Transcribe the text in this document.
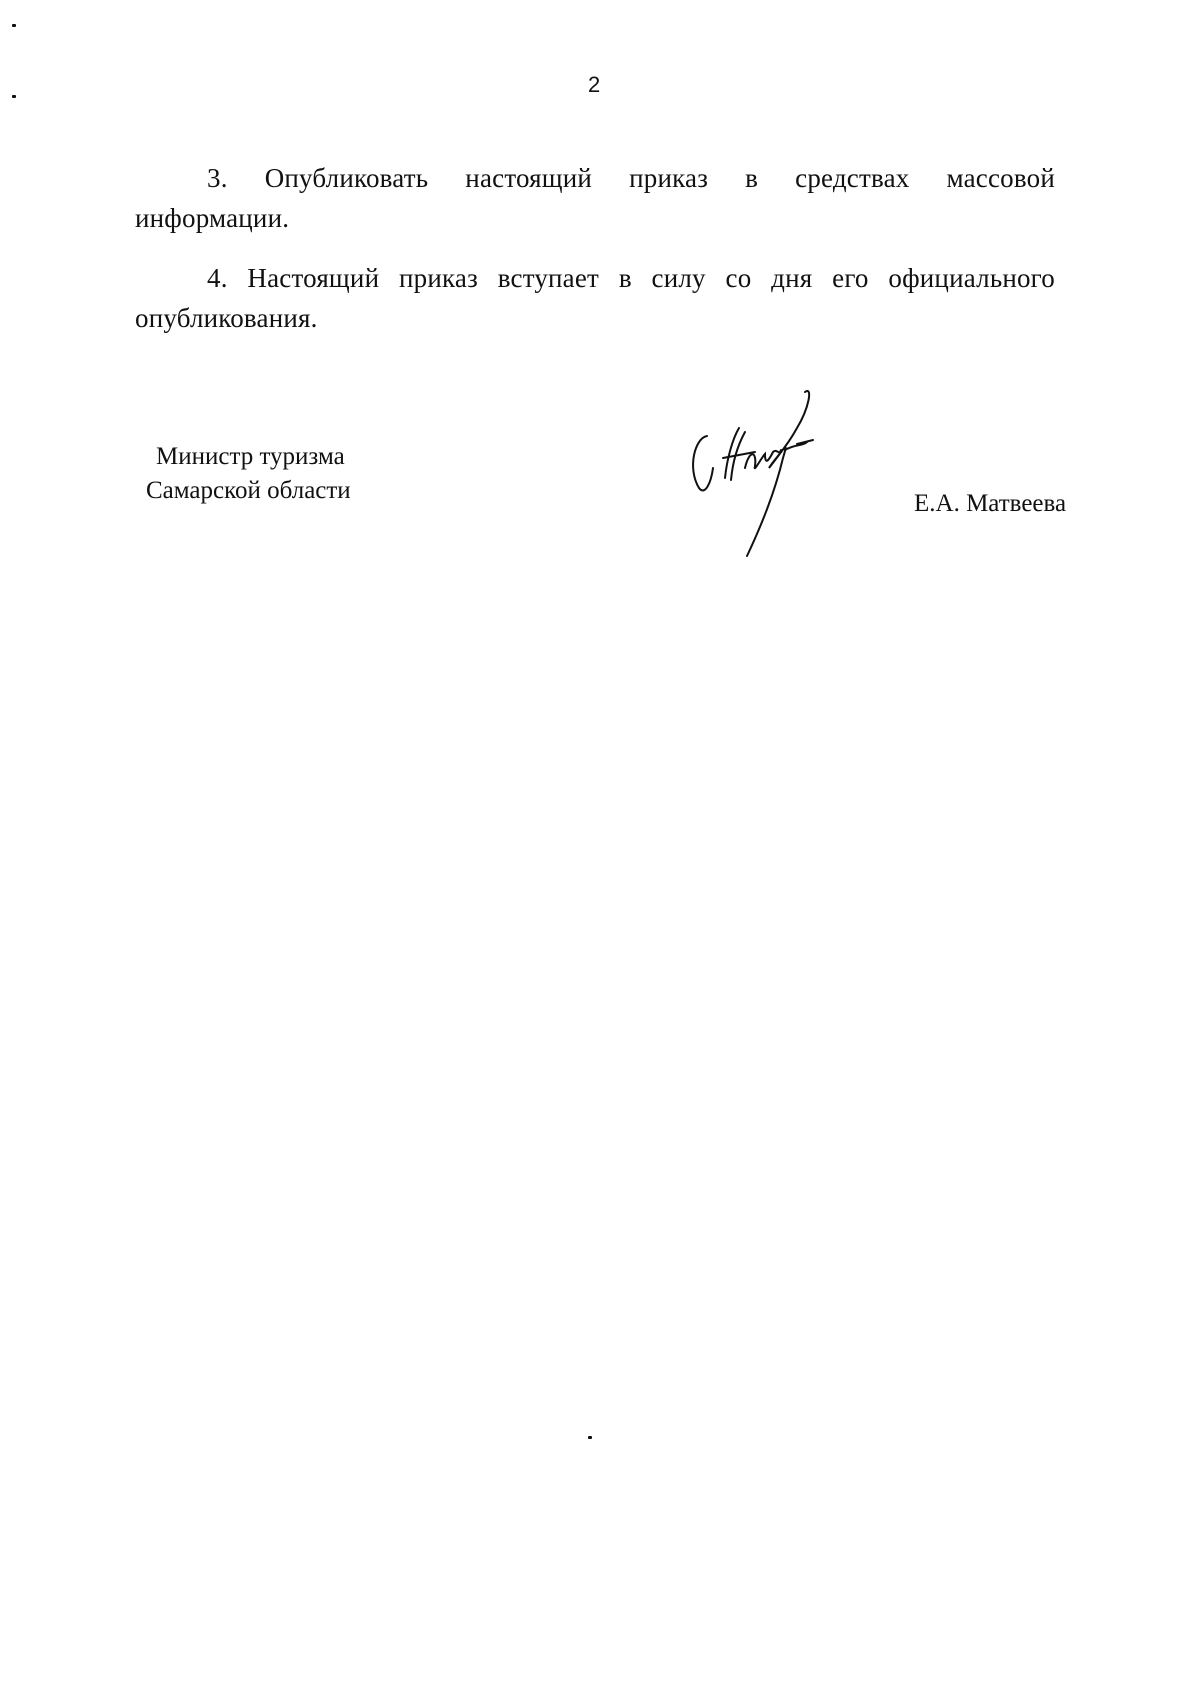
2

3. Опубликовать настоящий приказ в средствах массовой информации.

4. Настоящий приказ вступает в силу со дня его официального опубликования.

Министр туризма
Самарской области	Е.А. Матвеева
